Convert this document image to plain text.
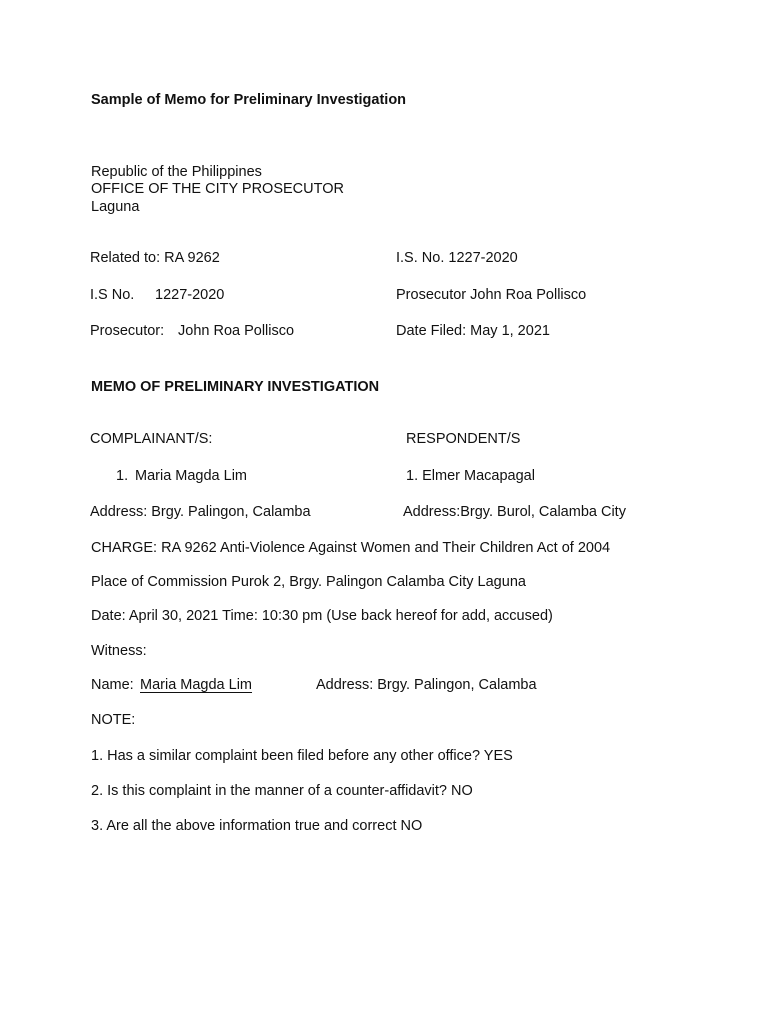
Sample of Memo for Preliminary Investigation
Republic of the Philippines
OFFICE OF THE CITY PROSECUTOR
Laguna
Related to: RA 9262	I.S. No. 1227-2020
I.S No. 1227-2020	Prosecutor John Roa Pollisco
Prosecutor: John Roa Pollisco	Date Filed: May 1, 2021
MEMO OF PRELIMINARY INVESTIGATION
COMPLAINANT/S:	RESPONDENT/S
1. Maria Magda Lim	1. Elmer Macapagal
Address: Brgy. Palingon, Calamba	Address:Brgy. Burol, Calamba City
CHARGE: RA 9262 Anti-Violence Against Women and Their Children Act of 2004
Place of Commission Purok 2, Brgy. Palingon Calamba City Laguna
Date: April 30, 2021 Time: 10:30 pm (Use back hereof for add, accused)
Witness:
Name: Maria Magda Lim	Address: Brgy. Palingon, Calamba
NOTE:
1. Has a similar complaint been filed before any other office? YES
2. Is this complaint in the manner of a counter-affidavit? NO
3. Are all the above information true and correct NO
